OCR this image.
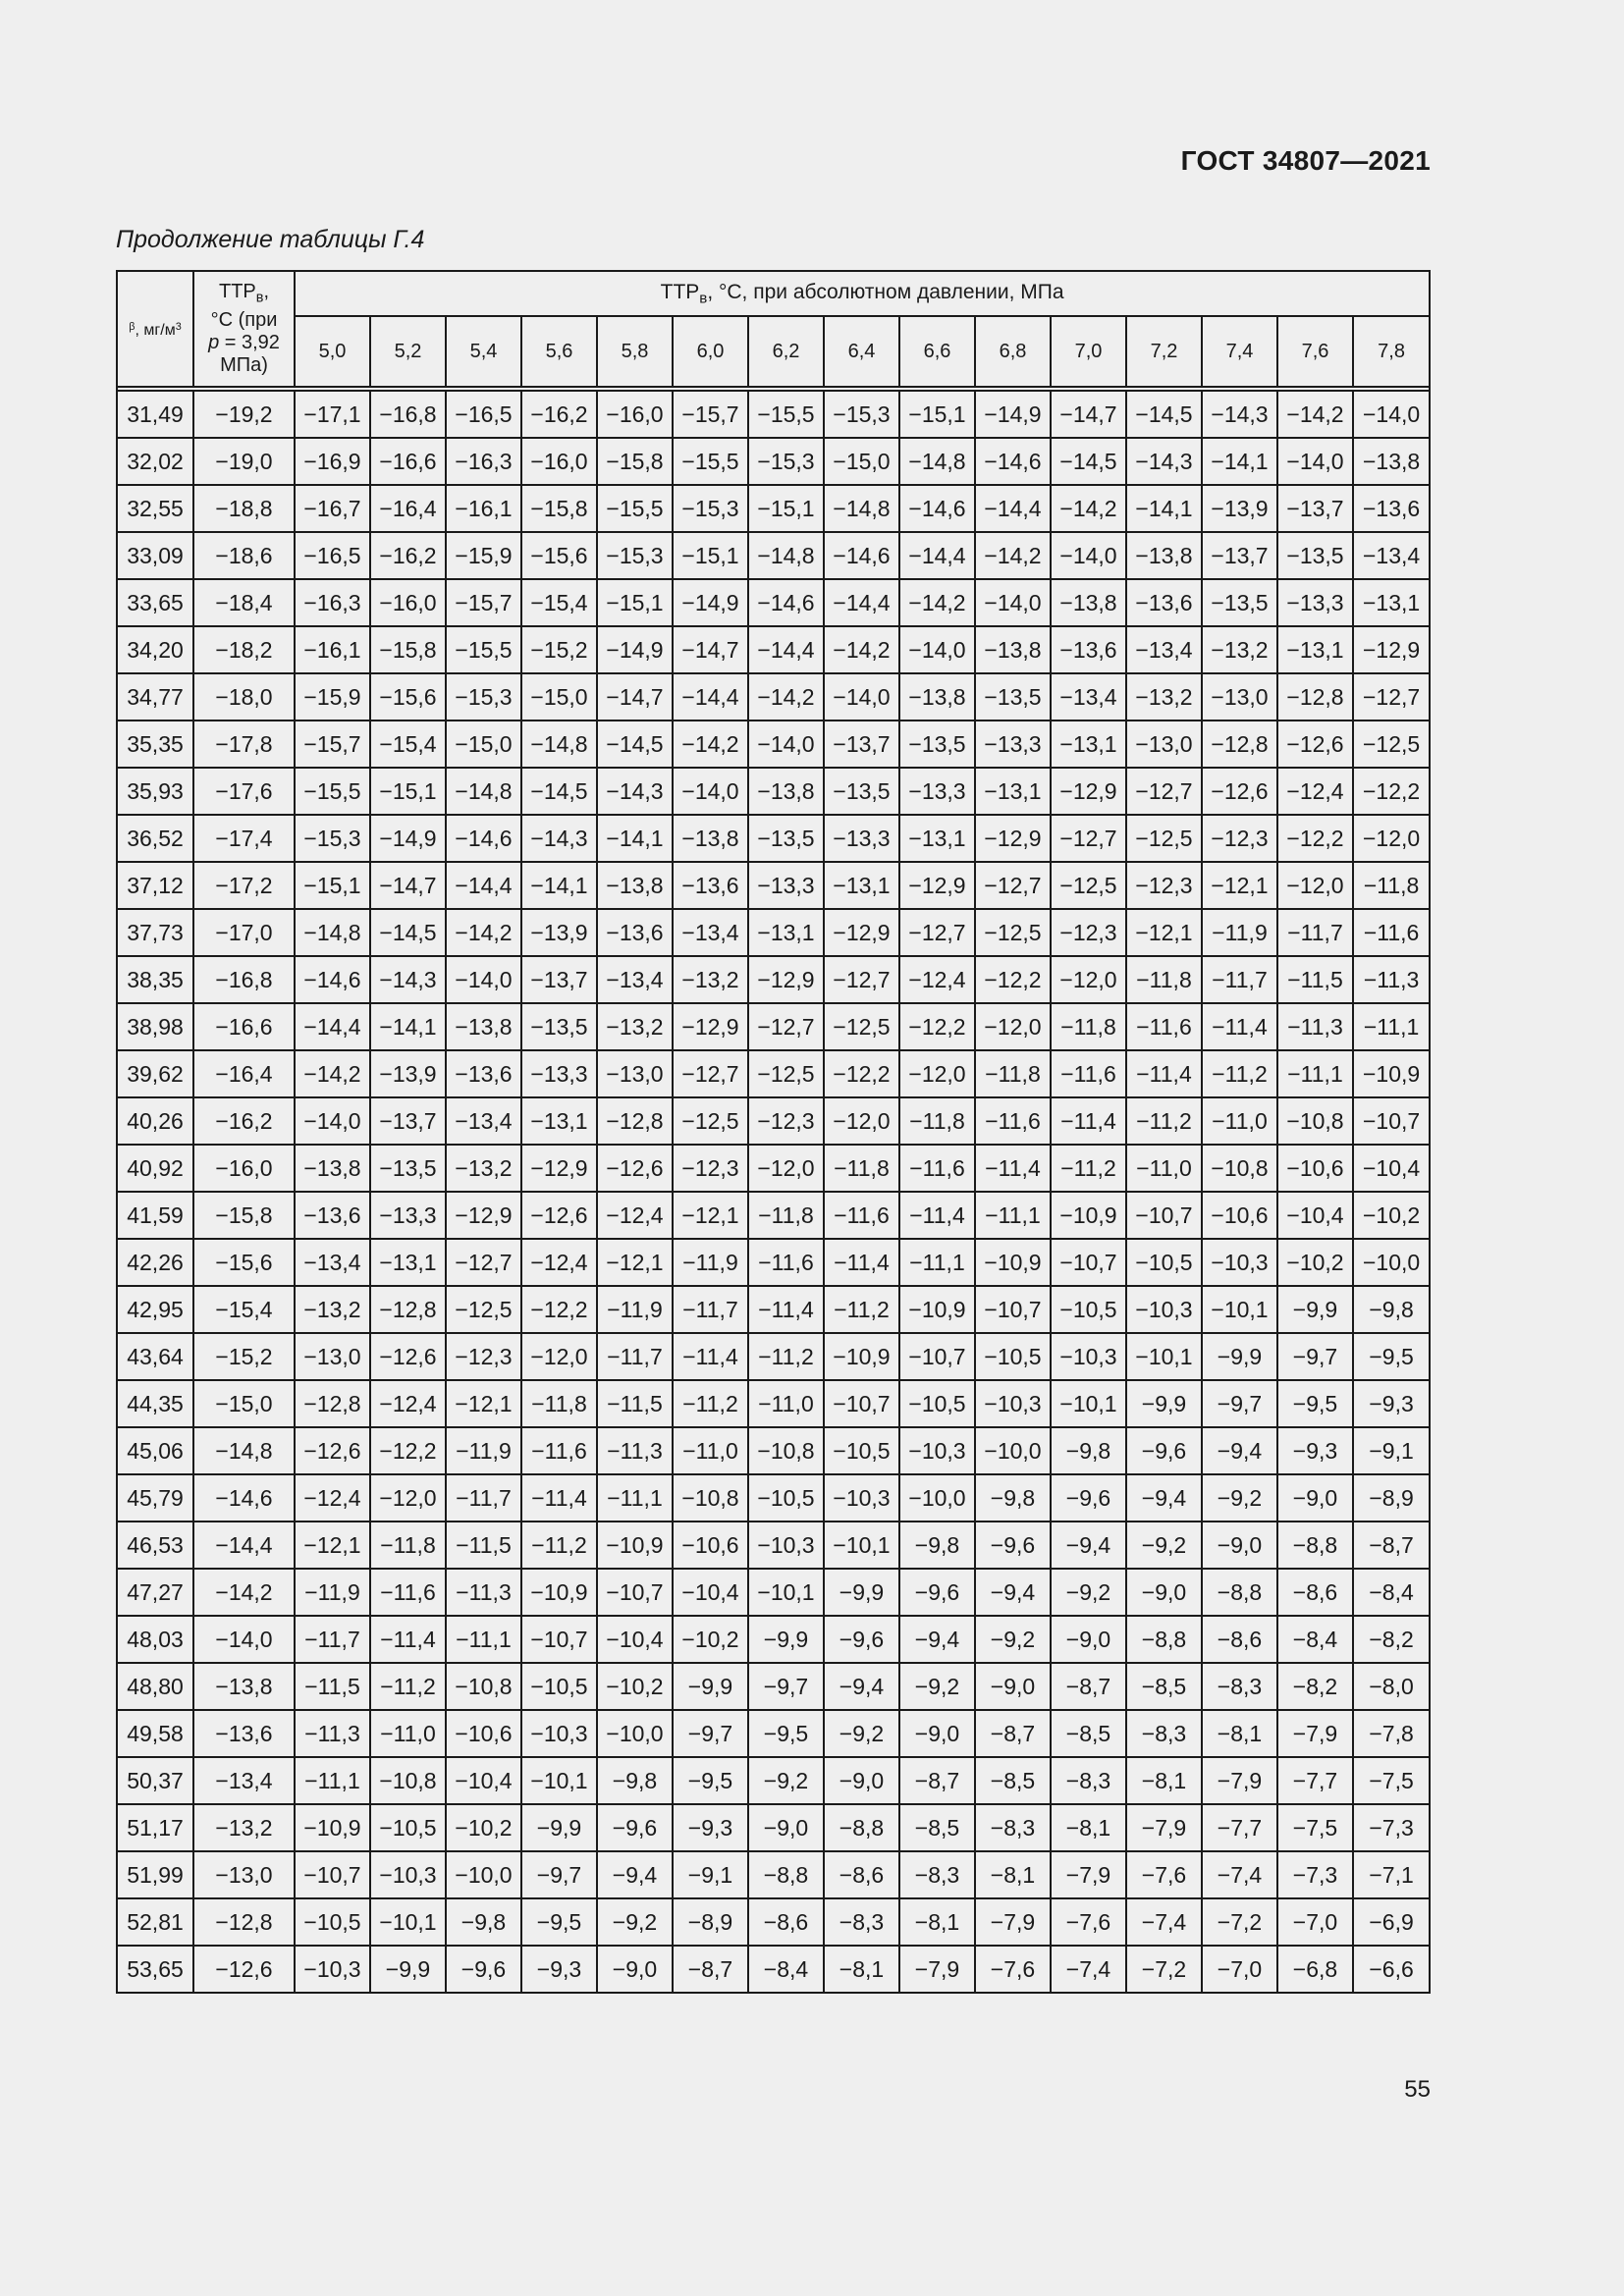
ГОСТ 34807—2021
Продолжение таблицы Г.4
$^\beta$, $мг/м^3$	$ТТР_в$,
°С (при
p = 3,92
МПа)	$ТТР_в$, °С, при абсолютном давлении, МПа														
		5,0	5,2	5,4	5,6	5,8	6,0	6,2	6,4	6,6	6,8	7,0	7,2	7,4	7,6	7,8

31,49	−19,2	−17,1	−16,8	−16,5	−16,2	−16,0	−15,7	−15,5	−15,3	−15,1	−14,9	−14,7	−14,5	−14,3	−14,2	−14,0
32,02	−19,0	−16,9	−16,6	−16,3	−16,0	−15,8	−15,5	−15,3	−15,0	−14,8	−14,6	−14,5	−14,3	−14,1	−14,0	−13,8
32,55	−18,8	−16,7	−16,4	−16,1	−15,8	−15,5	−15,3	−15,1	−14,8	−14,6	−14,4	−14,2	−14,1	−13,9	−13,7	−13,6
33,09	−18,6	−16,5	−16,2	−15,9	−15,6	−15,3	−15,1	−14,8	−14,6	−14,4	−14,2	−14,0	−13,8	−13,7	−13,5	−13,4
33,65	−18,4	−16,3	−16,0	−15,7	−15,4	−15,1	−14,9	−14,6	−14,4	−14,2	−14,0	−13,8	−13,6	−13,5	−13,3	−13,1
34,20	−18,2	−16,1	−15,8	−15,5	−15,2	−14,9	−14,7	−14,4	−14,2	−14,0	−13,8	−13,6	−13,4	−13,2	−13,1	−12,9
34,77	−18,0	−15,9	−15,6	−15,3	−15,0	−14,7	−14,4	−14,2	−14,0	−13,8	−13,5	−13,4	−13,2	−13,0	−12,8	−12,7
35,35	−17,8	−15,7	−15,4	−15,0	−14,8	−14,5	−14,2	−14,0	−13,7	−13,5	−13,3	−13,1	−13,0	−12,8	−12,6	−12,5
35,93	−17,6	−15,5	−15,1	−14,8	−14,5	−14,3	−14,0	−13,8	−13,5	−13,3	−13,1	−12,9	−12,7	−12,6	−12,4	−12,2
36,52	−17,4	−15,3	−14,9	−14,6	−14,3	−14,1	−13,8	−13,5	−13,3	−13,1	−12,9	−12,7	−12,5	−12,3	−12,2	−12,0
37,12	−17,2	−15,1	−14,7	−14,4	−14,1	−13,8	−13,6	−13,3	−13,1	−12,9	−12,7	−12,5	−12,3	−12,1	−12,0	−11,8
37,73	−17,0	−14,8	−14,5	−14,2	−13,9	−13,6	−13,4	−13,1	−12,9	−12,7	−12,5	−12,3	−12,1	−11,9	−11,7	−11,6
38,35	−16,8	−14,6	−14,3	−14,0	−13,7	−13,4	−13,2	−12,9	−12,7	−12,4	−12,2	−12,0	−11,8	−11,7	−11,5	−11,3
38,98	−16,6	−14,4	−14,1	−13,8	−13,5	−13,2	−12,9	−12,7	−12,5	−12,2	−12,0	−11,8	−11,6	−11,4	−11,3	−11,1
39,62	−16,4	−14,2	−13,9	−13,6	−13,3	−13,0	−12,7	−12,5	−12,2	−12,0	−11,8	−11,6	−11,4	−11,2	−11,1	−10,9
40,26	−16,2	−14,0	−13,7	−13,4	−13,1	−12,8	−12,5	−12,3	−12,0	−11,8	−11,6	−11,4	−11,2	−11,0	−10,8	−10,7
40,92	−16,0	−13,8	−13,5	−13,2	−12,9	−12,6	−12,3	−12,0	−11,8	−11,6	−11,4	−11,2	−11,0	−10,8	−10,6	−10,4
41,59	−15,8	−13,6	−13,3	−12,9	−12,6	−12,4	−12,1	−11,8	−11,6	−11,4	−11,1	−10,9	−10,7	−10,6	−10,4	−10,2
42,26	−15,6	−13,4	−13,1	−12,7	−12,4	−12,1	−11,9	−11,6	−11,4	−11,1	−10,9	−10,7	−10,5	−10,3	−10,2	−10,0
42,95	−15,4	−13,2	−12,8	−12,5	−12,2	−11,9	−11,7	−11,4	−11,2	−10,9	−10,7	−10,5	−10,3	−10,1	−9,9	−9,8
43,64	−15,2	−13,0	−12,6	−12,3	−12,0	−11,7	−11,4	−11,2	−10,9	−10,7	−10,5	−10,3	−10,1	−9,9	−9,7	−9,5
44,35	−15,0	−12,8	−12,4	−12,1	−11,8	−11,5	−11,2	−11,0	−10,7	−10,5	−10,3	−10,1	−9,9	−9,7	−9,5	−9,3
45,06	−14,8	−12,6	−12,2	−11,9	−11,6	−11,3	−11,0	−10,8	−10,5	−10,3	−10,0	−9,8	−9,6	−9,4	−9,3	−9,1
45,79	−14,6	−12,4	−12,0	−11,7	−11,4	−11,1	−10,8	−10,5	−10,3	−10,0	−9,8	−9,6	−9,4	−9,2	−9,0	−8,9
46,53	−14,4	−12,1	−11,8	−11,5	−11,2	−10,9	−10,6	−10,3	−10,1	−9,8	−9,6	−9,4	−9,2	−9,0	−8,8	−8,7
47,27	−14,2	−11,9	−11,6	−11,3	−10,9	−10,7	−10,4	−10,1	−9,9	−9,6	−9,4	−9,2	−9,0	−8,8	−8,6	−8,4
48,03	−14,0	−11,7	−11,4	−11,1	−10,7	−10,4	−10,2	−9,9	−9,6	−9,4	−9,2	−9,0	−8,8	−8,6	−8,4	−8,2
48,80	−13,8	−11,5	−11,2	−10,8	−10,5	−10,2	−9,9	−9,7	−9,4	−9,2	−9,0	−8,7	−8,5	−8,3	−8,2	−8,0
49,58	−13,6	−11,3	−11,0	−10,6	−10,3	−10,0	−9,7	−9,5	−9,2	−9,0	−8,7	−8,5	−8,3	−8,1	−7,9	−7,8
50,37	−13,4	−11,1	−10,8	−10,4	−10,1	−9,8	−9,5	−9,2	−9,0	−8,7	−8,5	−8,3	−8,1	−7,9	−7,7	−7,5
51,17	−13,2	−10,9	−10,5	−10,2	−9,9	−9,6	−9,3	−9,0	−8,8	−8,5	−8,3	−8,1	−7,9	−7,7	−7,5	−7,3
51,99	−13,0	−10,7	−10,3	−10,0	−9,7	−9,4	−9,1	−8,8	−8,6	−8,3	−8,1	−7,9	−7,6	−7,4	−7,3	−7,1
52,81	−12,8	−10,5	−10,1	−9,8	−9,5	−9,2	−8,9	−8,6	−8,3	−8,1	−7,9	−7,6	−7,4	−7,2	−7,0	−6,9
53,65	−12,6	−10,3	−9,9	−9,6	−9,3	−9,0	−8,7	−8,4	−8,1	−7,9	−7,6	−7,4	−7,2	−7,0	−6,8	−6,6
55
